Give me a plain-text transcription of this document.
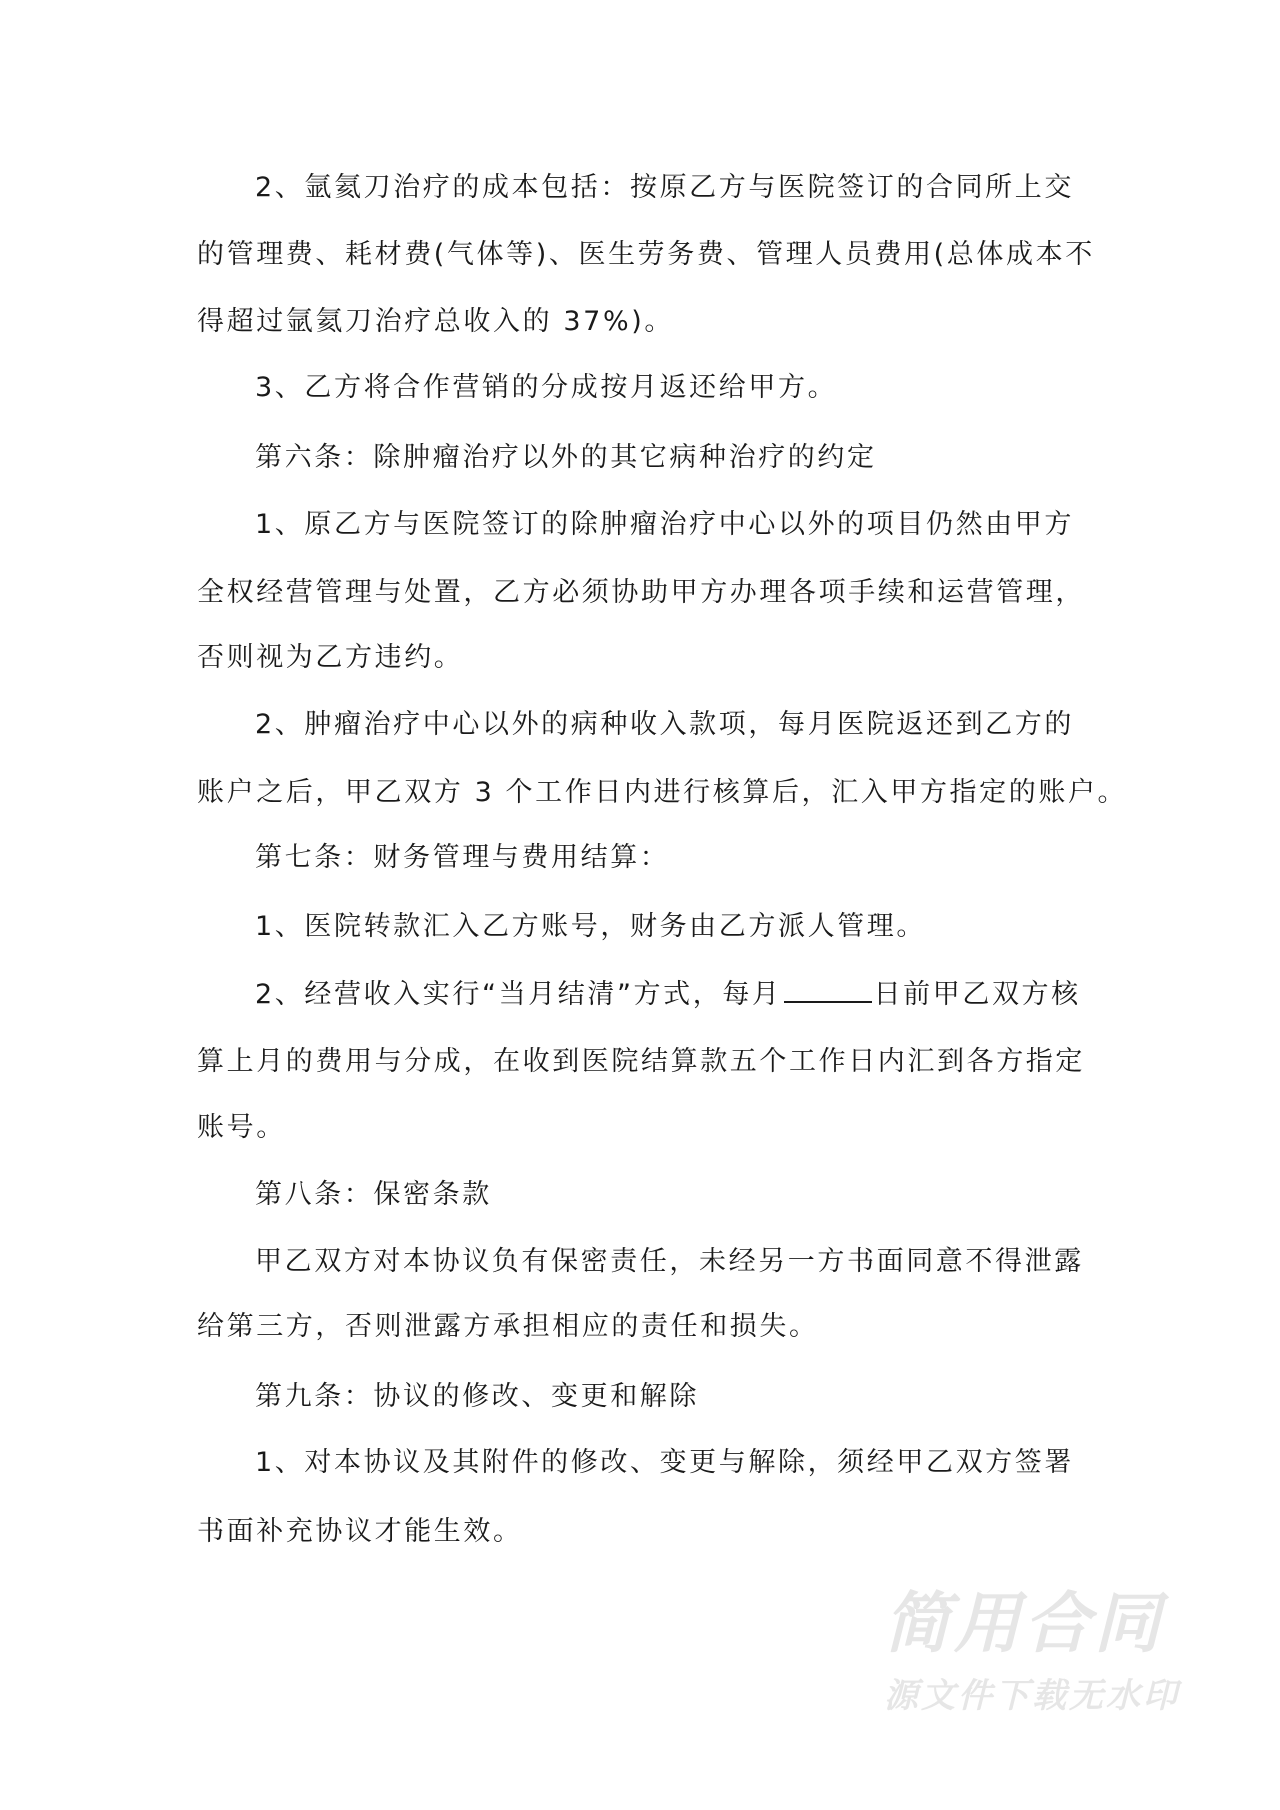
2、氩氦刀治疗的成本包括：按原乙方与医院签订的合同所上交
的管理费、耗材费(气体等)、医生劳务费、管理人员费用(总体成本不
得超过氩氦刀治疗总收入的 37%)。
3、乙方将合作营销的分成按月返还给甲方。
第六条：除肿瘤治疗以外的其它病种治疗的约定
1、原乙方与医院签订的除肿瘤治疗中心以外的项目仍然由甲方
全权经营管理与处置，乙方必须协助甲方办理各项手续和运营管理，
否则视为乙方违约。
2、肿瘤治疗中心以外的病种收入款项，每月医院返还到乙方的
账户之后，甲乙双方 3 个工作日内进行核算后，汇入甲方指定的账户。
第七条：财务管理与费用结算：
1、医院转款汇入乙方账号，财务由乙方派人管理。
2、经营收入实行“当月结清”方式，每月	日前甲乙双方核
算上月的费用与分成，在收到医院结算款五个工作日内汇到各方指定
账号。
第八条：保密条款
甲乙双方对本协议负有保密责任，未经另一方书面同意不得泄露
给第三方，否则泄露方承担相应的责任和损失。
第九条：协议的修改、变更和解除
1、对本协议及其附件的修改、变更与解除，须经甲乙双方签署
书面补充协议才能生效。
简用合同
源文件下载无水印
